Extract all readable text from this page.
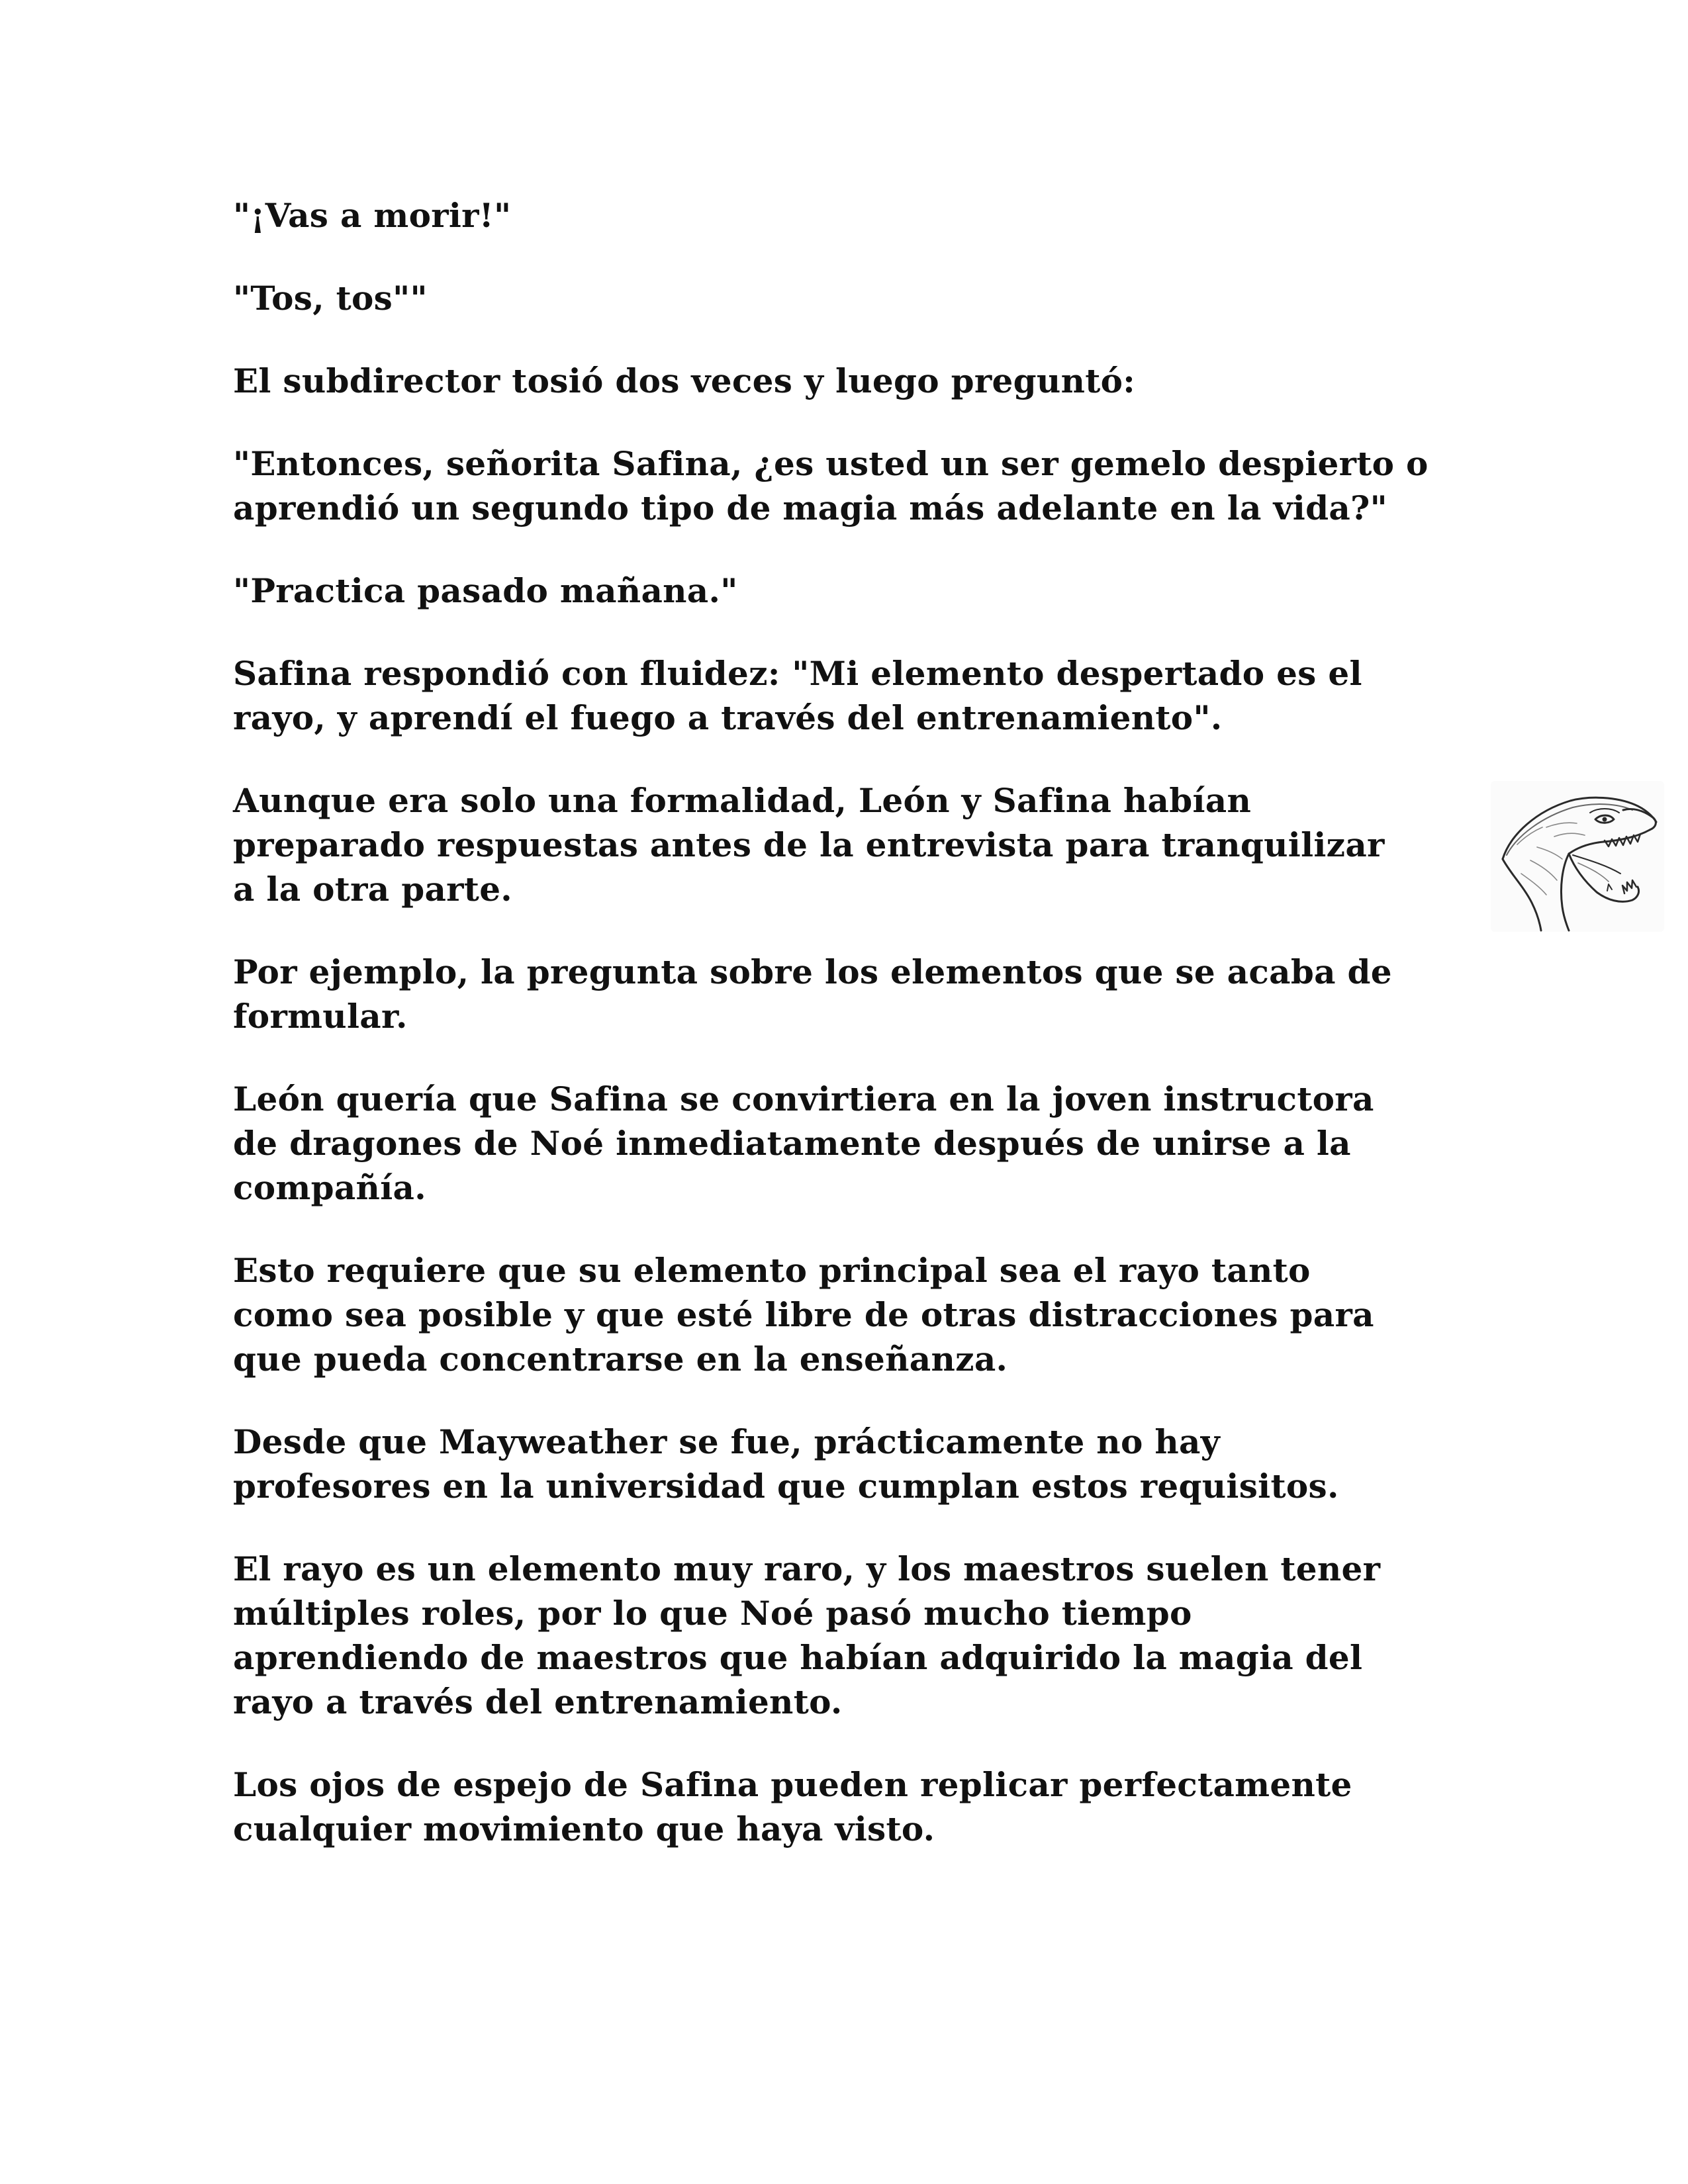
"¡Vas a morir!"

"Tos, tos""

El subdirector tosió dos veces y luego preguntó:

"Entonces, señorita Safina, ¿es usted un ser gemelo despierto o
aprendió un segundo tipo de magia más adelante en la vida?"

"Practica pasado mañana."

Safina respondió con fluidez: "Mi elemento despertado es el
rayo, y aprendí el fuego a través del entrenamiento".

Aunque era solo una formalidad, León y Safina habían
preparado respuestas antes de la entrevista para tranquilizar
a la otra parte.

Por ejemplo, la pregunta sobre los elementos que se acaba de
formular.

León quería que Safina se convirtiera en la joven instructora
de dragones de Noé inmediatamente después de unirse a la
compañía.

Esto requiere que su elemento principal sea el rayo tanto
como sea posible y que esté libre de otras distracciones para
que pueda concentrarse en la enseñanza.

Desde que Mayweather se fue, prácticamente no hay
profesores en la universidad que cumplan estos requisitos.

El rayo es un elemento muy raro, y los maestros suelen tener
múltiples roles, por lo que Noé pasó mucho tiempo
aprendiendo de maestros que habían adquirido la magia del
rayo a través del entrenamiento.

Los ojos de espejo de Safina pueden replicar perfectamente
cualquier movimiento que haya visto.
